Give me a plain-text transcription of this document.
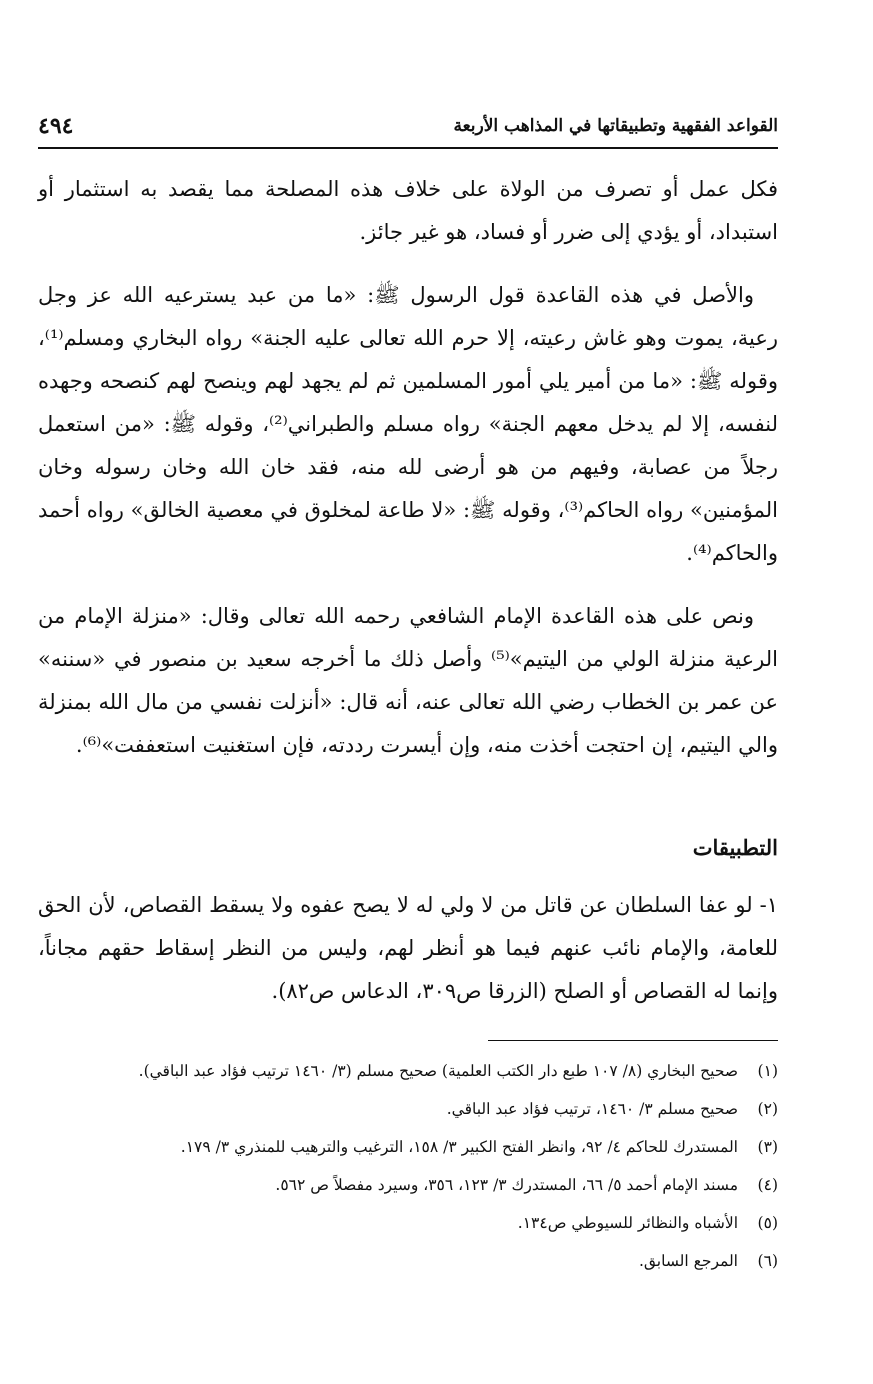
القواعد الفقهية وتطبيقاتها في المذاهب الأربعة
٤٩٤

فكل عمل أو تصرف من الولاة على خلاف هذه المصلحة مما يقصد به استثمار أو استبداد، أو يؤدي إلى ضرر أو فساد، هو غير جائز.

والأصل في هذه القاعدة قول الرسول ﷺ: «ما من عبد يسترعيه الله عز وجل رعية، يموت وهو غاش رعيته، إلا حرم الله تعالى عليه الجنة» رواه البخاري ومسلم⁽¹⁾، وقوله ﷺ: «ما من أمير يلي أمور المسلمين ثم لم يجهد لهم وينصح لهم كنصحه وجهده لنفسه، إلا لم يدخل معهم الجنة» رواه مسلم والطبراني⁽²⁾، وقوله ﷺ: «من استعمل رجلاً من عصابة، وفيهم من هو أرضى لله منه، فقد خان الله وخان رسوله وخان المؤمنين» رواه الحاكم⁽³⁾، وقوله ﷺ: «لا طاعة لمخلوق في معصية الخالق» رواه أحمد والحاكم⁽⁴⁾.

ونص على هذه القاعدة الإمام الشافعي رحمه الله تعالى وقال: «منزلة الإمام من الرعية منزلة الولي من اليتيم»⁽⁵⁾ وأصل ذلك ما أخرجه سعيد بن منصور في «سننه» عن عمر بن الخطاب رضي الله تعالى عنه، أنه قال: «أنزلت نفسي من مال الله بمنزلة والي اليتيم، إن احتجت أخذت منه، وإن أيسرت رددته، فإن استغنيت استعففت»⁽⁶⁾.

التطبيقات
١- لو عفا السلطان عن قاتل من لا ولي له لا يصح عفوه ولا يسقط القصاص، لأن الحق للعامة، والإمام نائب عنهم فيما هو أنظر لهم، وليس من النظر إسقاط حقهم مجاناً، وإنما له القصاص أو الصلح (الزرقا ص٣٠٩، الدعاس ص٨٢).
(١)
صحيح البخاري (٨/ ١٠٧ طبع دار الكتب العلمية) صحيح مسلم (٣/ ١٤٦٠ ترتيب فؤاد عبد الباقي).
(٢)
صحيح مسلم ٣/ ١٤٦٠، ترتيب فؤاد عبد الباقي.
(٣)
المستدرك للحاكم ٤/ ٩٢، وانظر الفتح الكبير ٣/ ١٥٨، الترغيب والترهيب للمنذري ٣/ ١٧٩.
(٤)
مسند الإمام أحمد ٥/ ٦٦، المستدرك ٣/ ١٢٣، ٣٥٦، وسيرد مفصلاً ص ٥٦٢.
(٥)
الأشباه والنظائر للسيوطي ص١٣٤.
(٦)
المرجع السابق.
